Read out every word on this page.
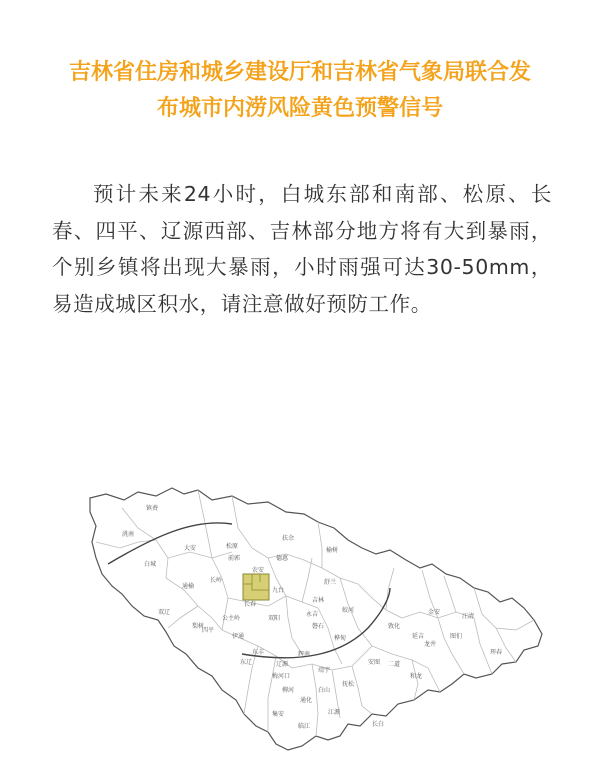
吉林省住房和城乡建设厅和吉林省气象局联合发
布城市内涝风险黄色预警信号
预计未来24小时，白城东部和南部、松原、长春、四平、辽源西部、吉林部分地方将有大到暴雨，个别乡镇将出现大暴雨，小时雨强可达30-50mm，易造成城区积水，请注意做好预防工作。
镇赉
洮南
白城
通榆
大安	松原
前郭
长岭
扶余
榆树
德惠
农安
九台
长春
双辽
舒兰
吉林
蛟河
敦化
永吉
磐石
桦甸
公主岭
梨树
四平
伊通
双阳
东丰
东辽	辽源
梅河口
辉南
柳河
通化
集安
白山
靖宇
抚松
临江	长白
安图
和龙
龙井
延吉	图们
汪清
珲春
二道
金安
江源
